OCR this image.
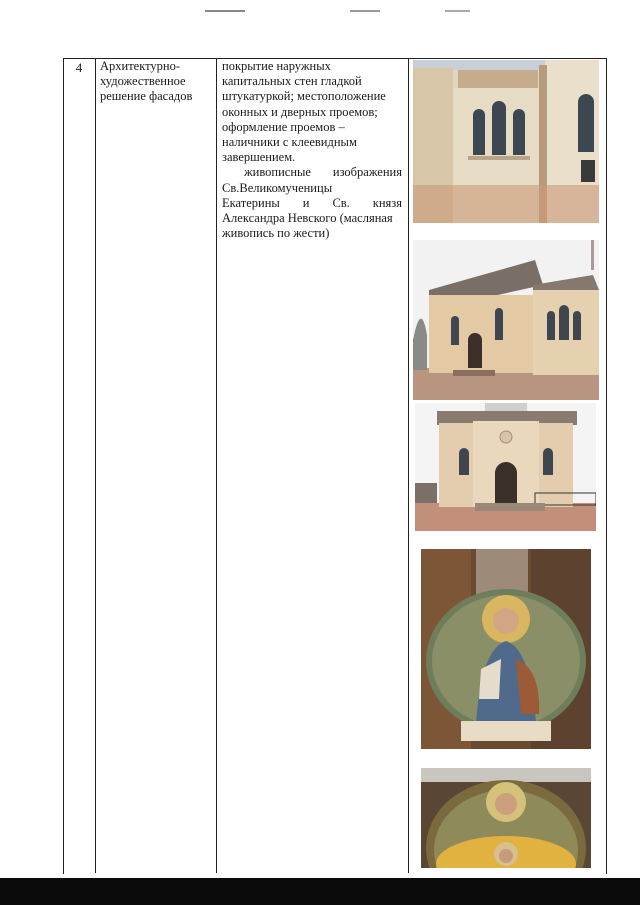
4	Архитектурно-
художественное
решение фасадов

покрытие наружных

капитальных стен гладкой

штукатуркой; местоположение

оконных и дверных проемов;

оформление проемов –

наличники с клеевидным

завершением.

живописные изображения

Св.Великомученицы

Екатерины и Св. князя

Александра Невского (масляная

живопись по жести)
